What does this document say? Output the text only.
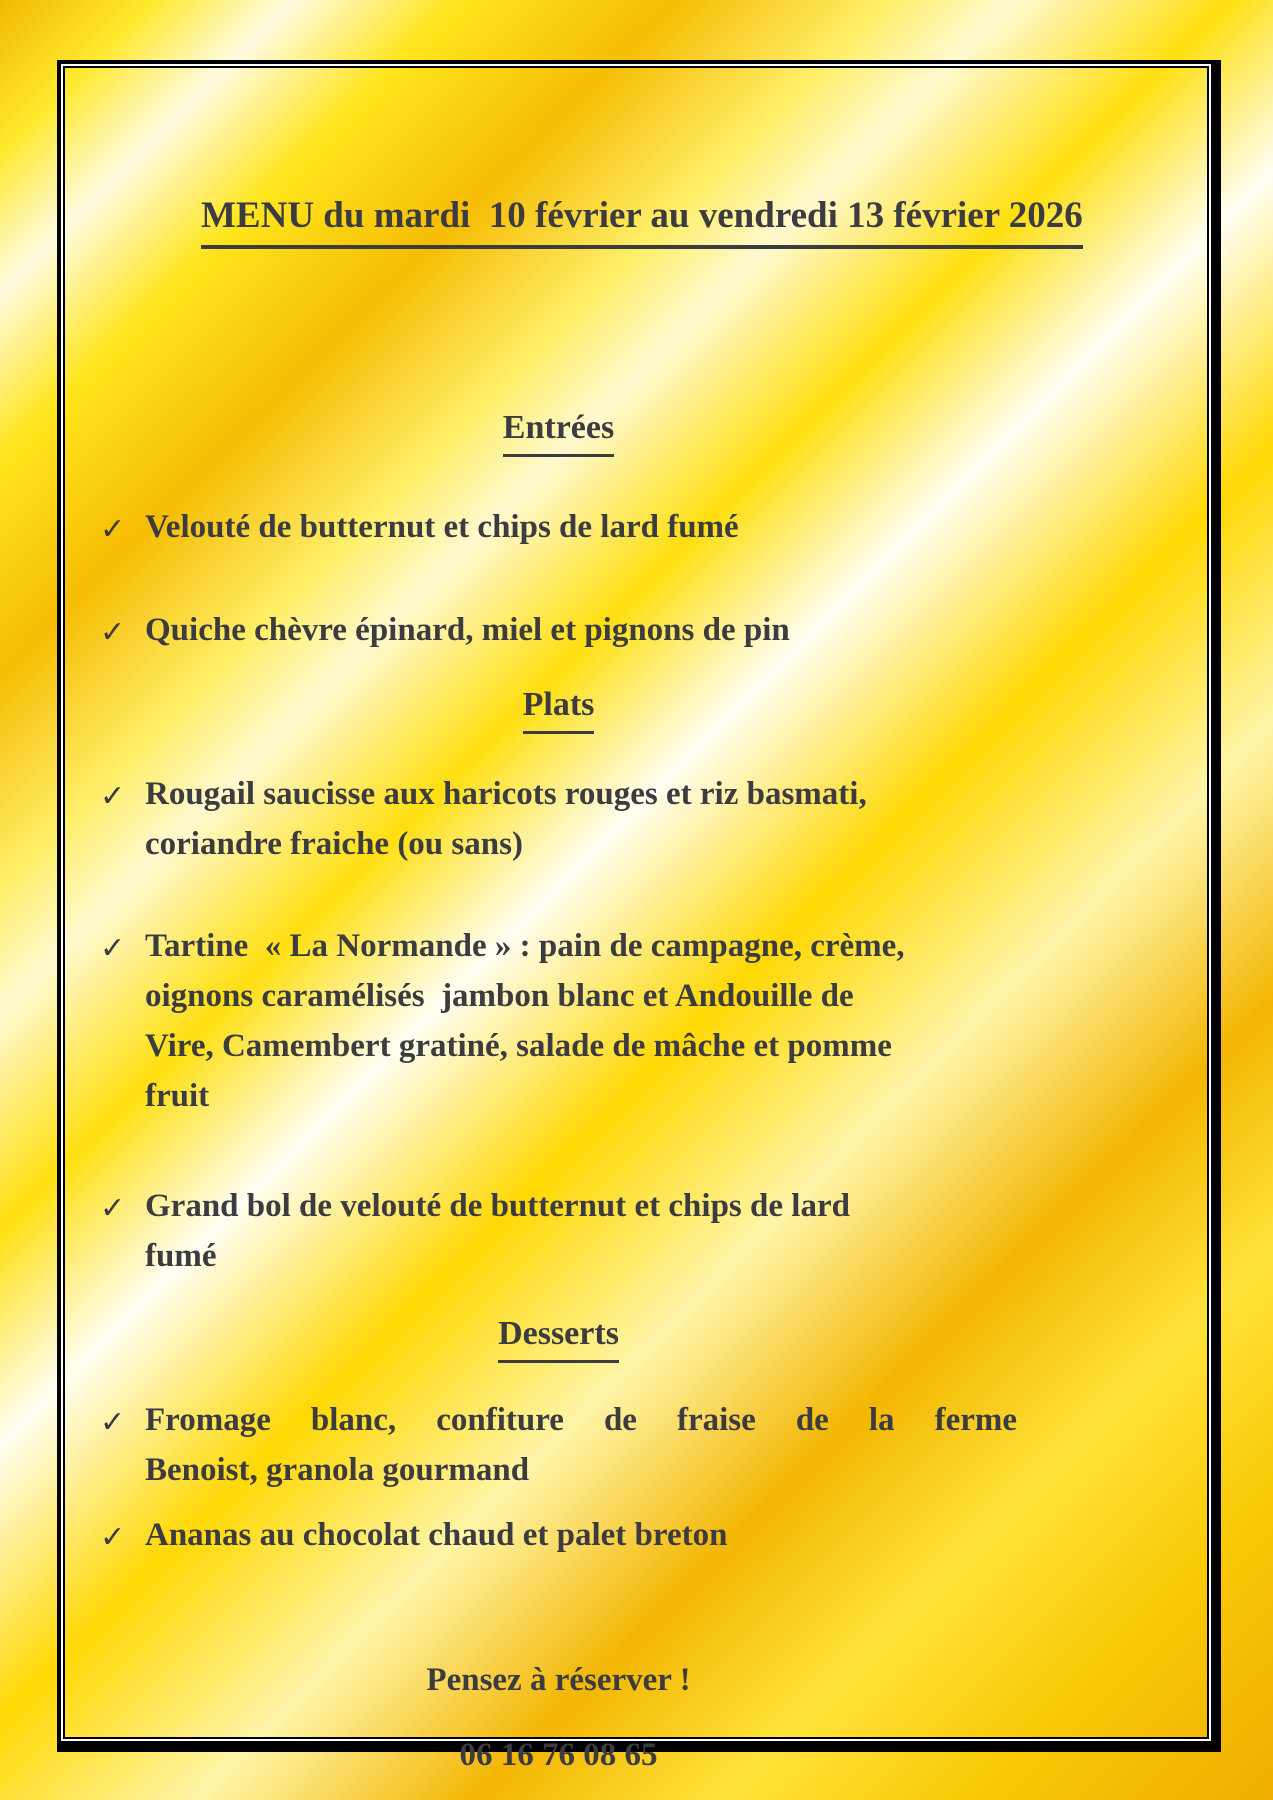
MENU du mardi  10 février au vendredi 13 février 2026

Entrées
✓ Velouté de butternut et chips de lard fumé
✓ Quiche chèvre épinard, miel et pignons de pin
Plats
✓ Rougail saucisse aux haricots rouges et riz basmati,
coriandre fraiche (ou sans)
✓ Tartine  « La Normande » : pain de campagne, crème,
oignons caramélisés  jambon blanc et Andouille de
Vire, Camembert gratiné, salade de mâche et pomme
fruit
✓ Grand bol de velouté de butternut et chips de lard
fumé
Desserts
✓ Fromage blanc, confiture de fraise de la ferme
Benoist, granola gourmand
✓ Ananas au chocolat chaud et palet breton
Pensez à réserver !
06 16 76 08 65
